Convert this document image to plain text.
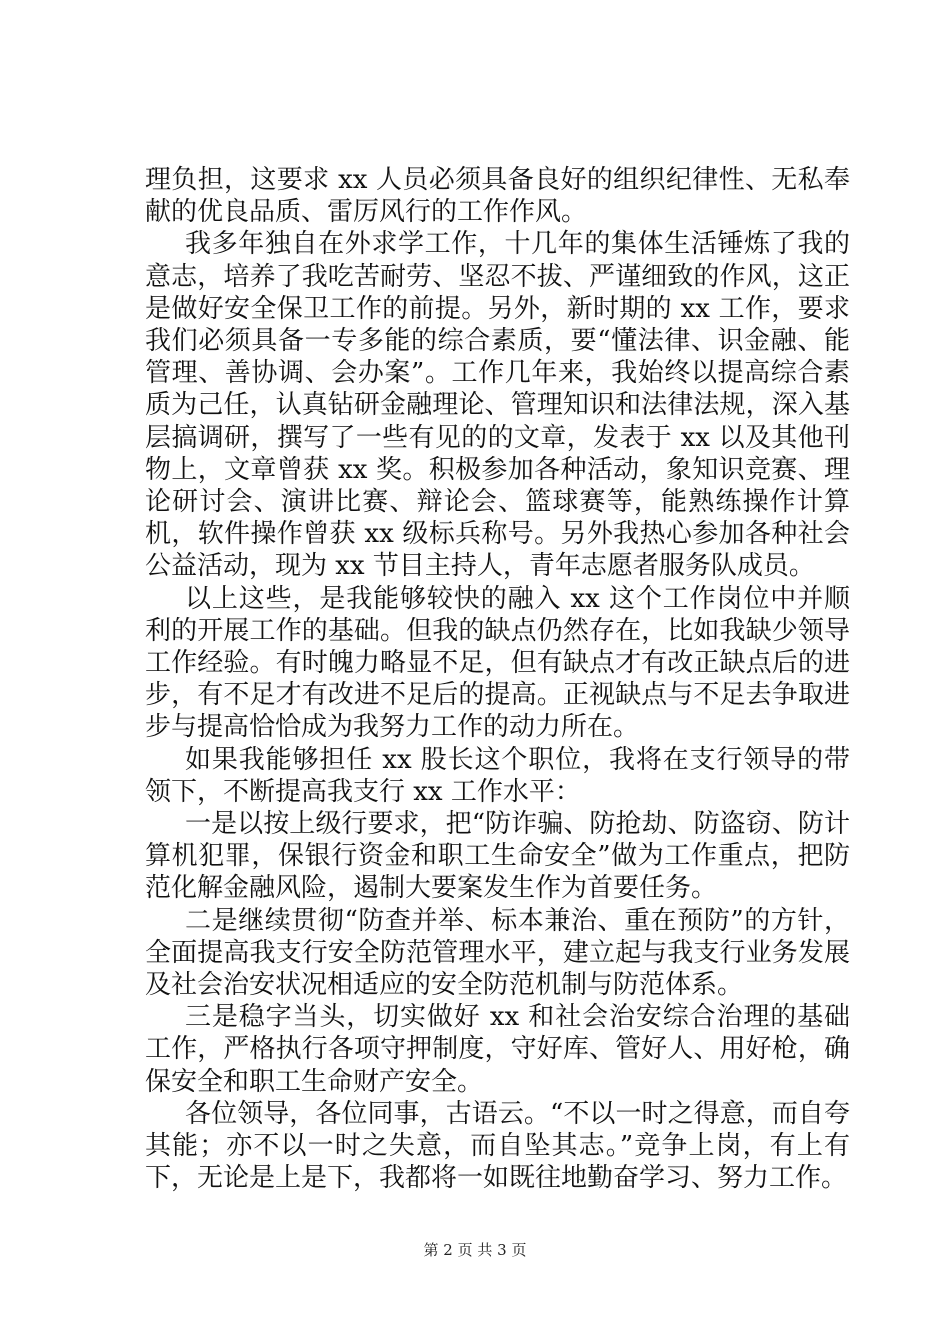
理负担，这要求 xx 人员必须具备良好的组织纪律性、无私奉献的优良品质、雷厉风行的工作作风。

我多年独自在外求学工作，十几年的集体生活锤炼了我的意志，培养了我吃苦耐劳、坚忍不拔、严谨细致的作风，这正是做好安全保卫工作的前提。另外，新时期的 xx 工作，要求我们必须具备一专多能的综合素质，要“懂法律、识金融、能管理、善协调、会办案”。工作几年来，我始终以提高综合素质为己任，认真钻研金融理论、管理知识和法律法规，深入基层搞调研，撰写了一些有见的的文章，发表于 xx 以及其他刊物上，文章曾获 xx 奖。积极参加各种活动，象知识竞赛、理论研讨会、演讲比赛、辩论会、篮球赛等，能熟练操作计算机，软件操作曾获 xx 级标兵称号。另外我热心参加各种社会公益活动，现为 xx 节目主持人，青年志愿者服务队成员。

以上这些，是我能够较快的融入 xx 这个工作岗位中并顺利的开展工作的基础。但我的缺点仍然存在，比如我缺少领导工作经验。有时魄力略显不足，但有缺点才有改正缺点后的进步，有不足才有改进不足后的提高。正视缺点与不足去争取进步与提高恰恰成为我努力工作的动力所在。

如果我能够担任 xx 股长这个职位，我将在支行领导的带领下，不断提高我支行 xx 工作水平：

一是以按上级行要求，把“防诈骗、防抢劫、防盗窃、防计算机犯罪，保银行资金和职工生命安全”做为工作重点，把防范化解金融风险，遏制大要案发生作为首要任务。

二是继续贯彻“防查并举、标本兼治、重在预防”的方针，全面提高我支行安全防范管理水平，建立起与我支行业务发展及社会治安状况相适应的安全防范机制与防范体系。

三是稳字当头，切实做好 xx 和社会治安综合治理的基础工作，严格执行各项守押制度，守好库、管好人、用好枪，确保安全和职工生命财产安全。

各位领导，各位同事，古语云。“不以一时之得意，而自夸其能；亦不以一时之失意，而自坠其志。”竞争上岗，有上有下，无论是上是下，我都将一如既往地勤奋学习、努力工作。

第 2 页 共 3 页
